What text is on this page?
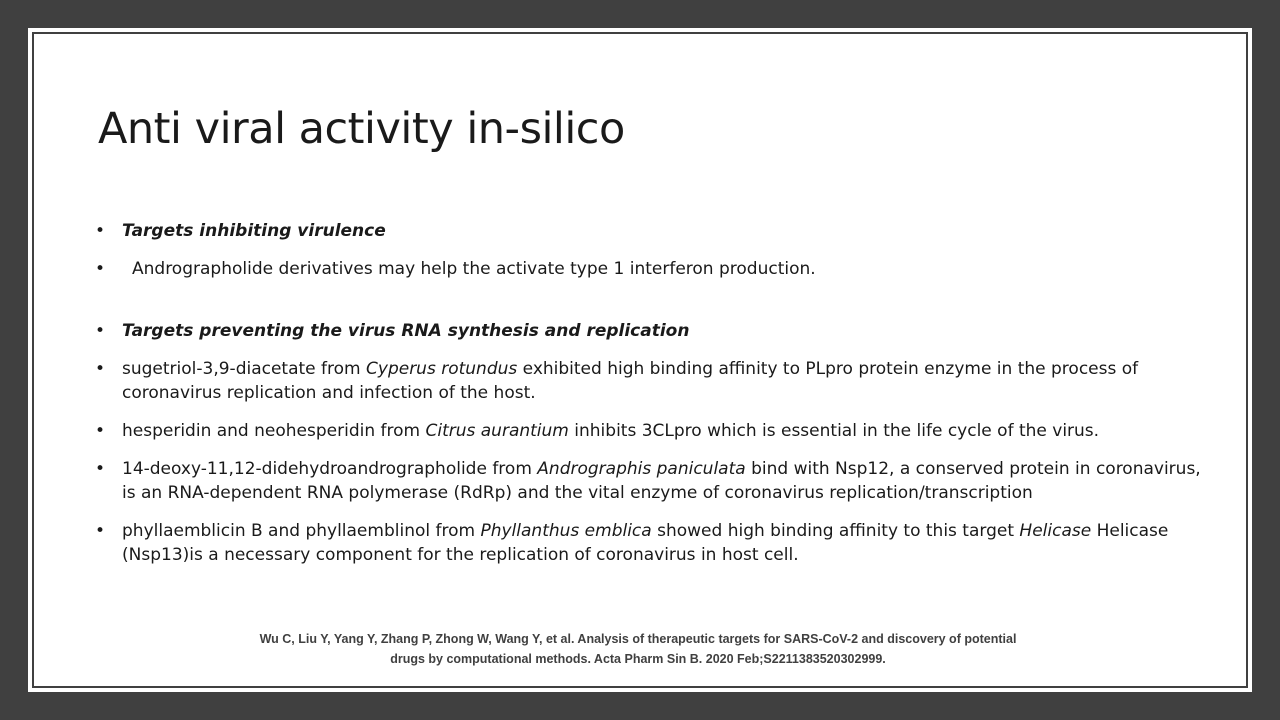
Anti viral activity in-silico
• Targets inhibiting virulence
• Andrographolide derivatives may help the activate type 1 interferon production.
• Targets preventing the virus RNA synthesis and replication
• sugetriol-3,9-diacetate from Cyperus rotundus exhibited high binding affinity to PLpro protein enzyme in the process of coronavirus replication and infection of the host.
• hesperidin and neohesperidin from Citrus aurantium inhibits 3CLpro which is essential in the life cycle of the virus.
• 14-deoxy-11,12-didehydroandrographolide from Andrographis paniculata bind with Nsp12, a conserved protein in coronavirus, is an RNA-dependent RNA polymerase (RdRp) and the vital enzyme of coronavirus replication/transcription
• phyllaemblicin B and phyllaemblinol from Phyllanthus emblica showed high binding affinity to this target Helicase Helicase (Nsp13)is a necessary component for the replication of coronavirus in host cell.
Wu C, Liu Y, Yang Y, Zhang P, Zhong W, Wang Y, et al. Analysis of therapeutic targets for SARS-CoV-2 and discovery of potential
drugs by computational methods. Acta Pharm Sin B. 2020 Feb;S2211383520302999.
